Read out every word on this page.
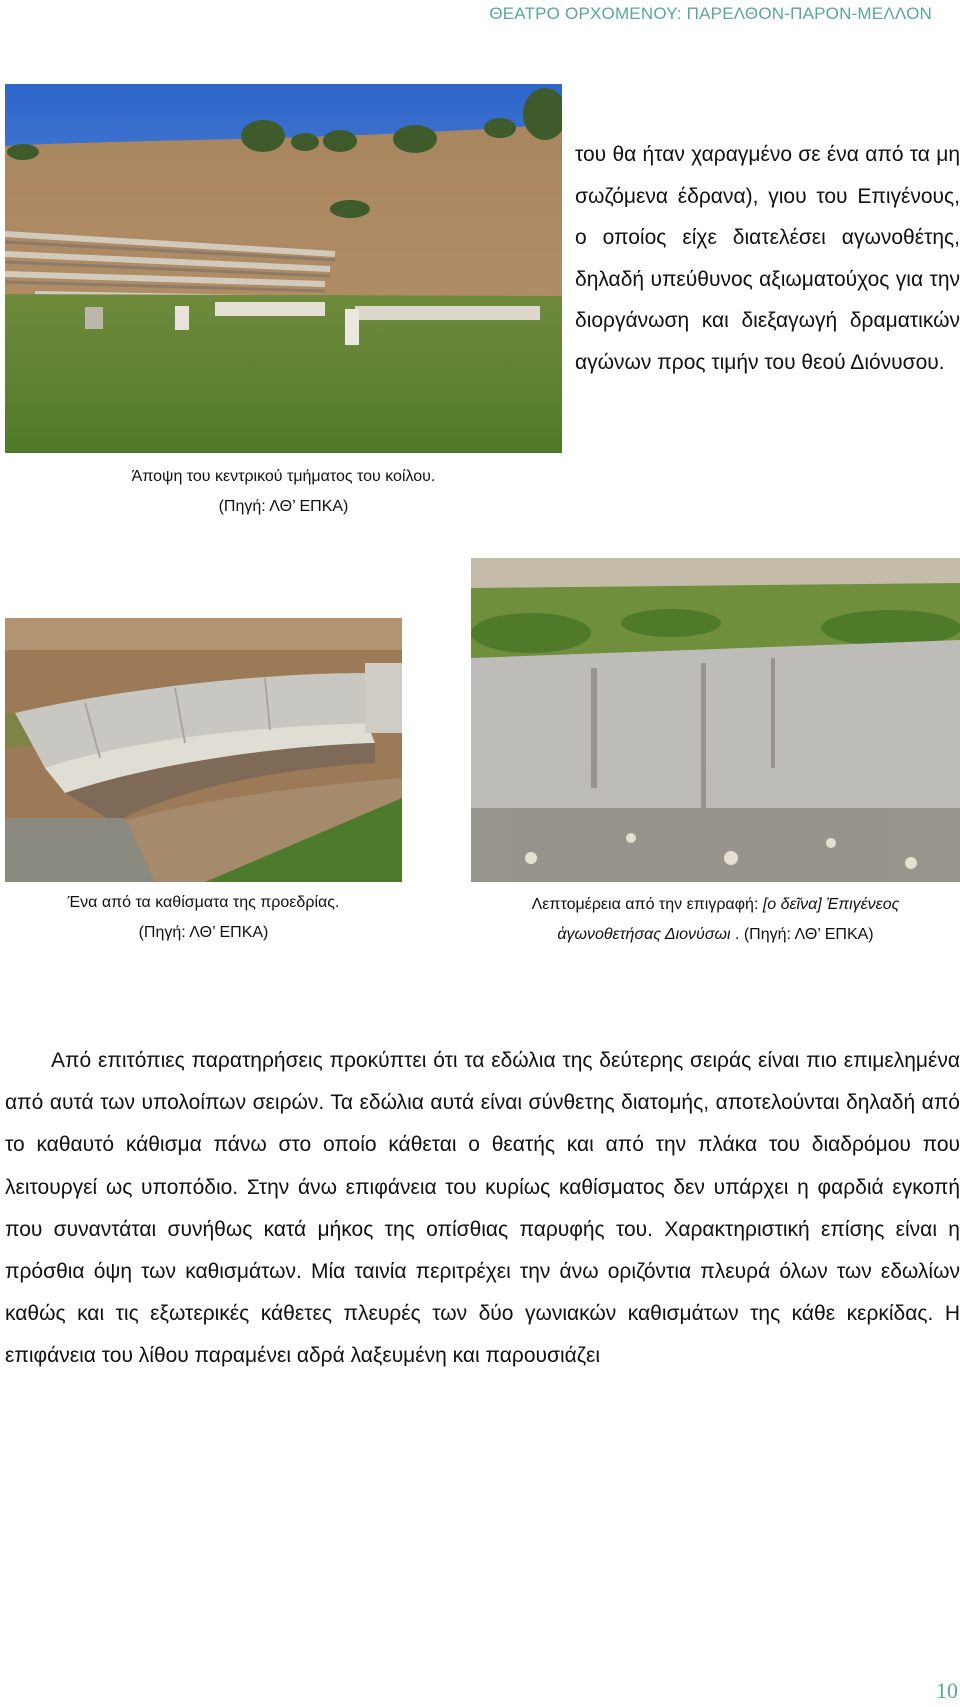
ΘΕΑΤΡΟ ΟΡΧΟΜΕΝΟΥ: ΠΑΡΕΛΘΟΝ-ΠΑΡΟΝ-ΜΕΛΛΟΝ
του θα ήταν χαραγμένο σε ένα από τα μη σωζόμενα έδρανα), γιου του Επιγένους, ο οποίος είχε διατελέσει αγωνοθέτης, δηλαδή υπεύθυνος αξιωματούχος για την διοργάνωση και διεξαγωγή δραματικών αγώνων προς τιμήν του θεού Διόνυσου.
Άποψη του κεντρικού τμήματος του κοίλου.
(Πηγή: ΛΘ’ ΕΠΚΑ)
Ένα από τα καθίσματα της προεδρίας.
(Πηγή: ΛΘ’ ΕΠΚΑ)
Λεπτομέρεια από την επιγραφή: [ο δεῖνα] Ἐπιγένεος
ἀγωνοθετήσας Διονύσωι . (Πηγή: ΛΘ’ ΕΠΚΑ)

Από επιτόπιες παρατηρήσεις προκύπτει ότι τα εδώλια της δεύτερης σειράς είναι πιο επιμελημένα από αυτά των υπολοίπων σειρών. Τα εδώλια αυτά είναι σύνθετης διατομής, αποτελούνται δηλαδή από το καθαυτό κάθισμα πάνω στο οποίο κάθεται ο θεατής και από την πλάκα του διαδρόμου που λειτουργεί ως υποπόδιο. Στην άνω επιφάνεια του κυρίως καθίσματος δεν υπάρχει η φαρδιά εγκοπή που συναντάται συνήθως κατά μήκος της οπίσθιας παρυφής του. Χαρακτηριστική επίσης είναι η πρόσθια όψη των καθισμάτων. Μία ταινία περιτρέχει την άνω οριζόντια πλευρά όλων των εδωλίων καθώς και τις εξωτερικές κάθετες πλευρές των δύο γωνιακών καθισμάτων της κάθε κερκίδας. Η επιφάνεια του λίθου παραμένει αδρά λαξευμένη και παρουσιάζει

10
